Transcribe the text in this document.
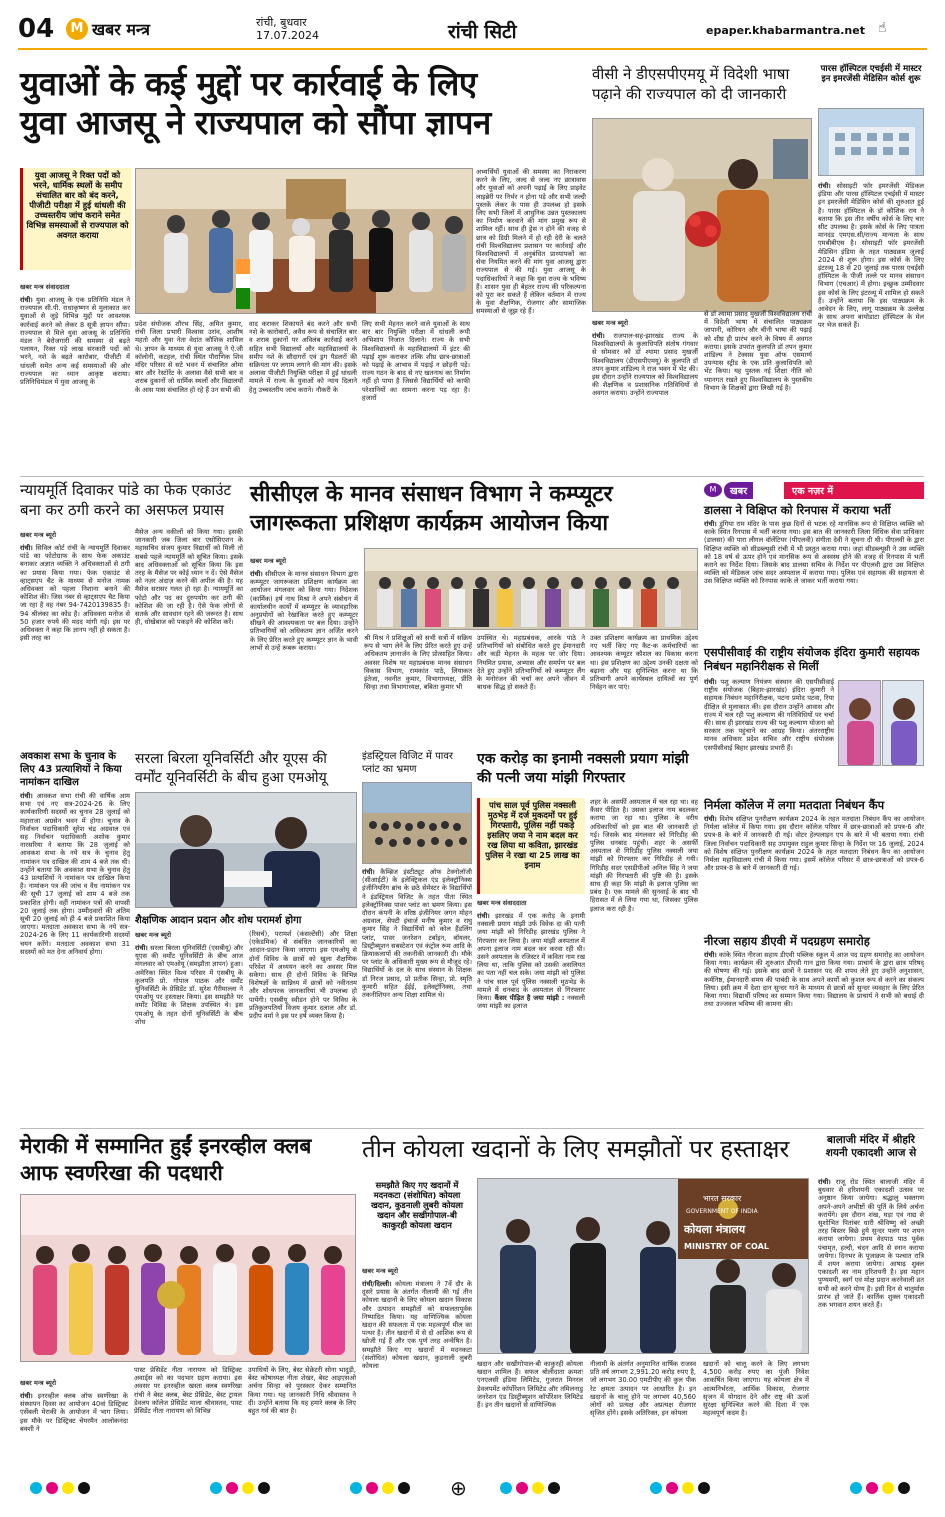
04	M खबर मन्त्र	रांची, बुधवार
17.07.2024	रांची सिटी	epaper.khabarmantra.net ☝
युवाओं के कई मुद्दों पर कार्रवाई के लिए
युवा आजसू ने राज्यपाल को सौंपा ज्ञापन
वीसी ने डीएसपीएमयू में विदेशी भाषा पढ़ाने की राज्यपाल को दी जानकारी
पारस हॉस्पिटल एचईसी में मास्टर इन इमरजेंसी मेडिसिन कोर्स शुरू
युवा आजसू ने रिक्त पदों को भरने, धार्मिक स्थलों के समीप संचालित बार को बंद करने, पीजीटी परीक्षा में हुई धांधली की उच्चस्तरीय जांच कराने समेत विभिन्न समस्याओं से राज्यपाल को अवगत कराया
खबर मन्त्र संवाददाता
रांची। युवा आजसू के एक प्रतिनिधि मंडल ने राज्यपाल सी.पी. राधाकृष्णन से मुलाकात कर युवाओं से जुड़े विभिन्न मुद्दों पर आवश्यक कार्रवाई करने को लेकर 8 सूत्री ज्ञापन सौंपा। राज्यपाल से मिले युवा आजसू के प्रतिनिधि मंडल ने बेरोजगारी की समस्या से बढ़ते पलायन, रिक्त पड़े लाख सरकारी पदों को भरने, नशे के बढ़ते कारोबार, पीजीटी में धांधली समेत अन्य कई समस्याओं की ओर राज्यपाल का ध्यान आकृष्ट कराया। प्रतिनिधिमंडल में युवा आजसू के
प्रदेश संयोजक शौरभ सिंह, अमित कुमार, रांची जिला प्रभारी विश्वास उरांव, आशीष महतो और युवा नेता वेदांत कौशिक शामिल थे। ज्ञापन के माध्यम से युवा आजसू ने ऐ.जी कॉलोनी, कटहल, रांची स्थित पौराणिक शिव मंदिर परिसर से सटे भवन में संचालित ओमा बार और रेस्टोरेंट के अलावा वैसे सभी बार व शराब दुकानों जो धार्मिक स्थलों और विद्यालयों के आस पास संचालित हो रहे हैं उन सभी की
वाद कराकर शिकायतें बंद करने और सभी नशे के कारोबारों, अवैध रूप से संचालित बार व शराब दुकानों पर अविलंब कार्रवाई करने सहित सभी विद्यालयों और महाविद्यालयों के समीप नशे के सौदागरों एवं ड्रग पैडलरों की सक्रियता पर लगाम लगाने की मांग की। इसके अलावा पीजीटी नियुक्ति परीक्षा में हुई धांधली मामले में राज्य के युवाओं को न्याय दिलाने हेतु उच्चस्तरीय जांच कराने। नौकरी के
लिए सभी मेहनत करने वाले युवाओं के साथ बार बार नियुक्ति परीक्षा में धांधली रूपी अभिशाप निजात दिलाने। राज्य के सभी विश्वविद्यालयों के महाविद्यालयों में इंटर की पढ़ाई शुरू कराकर तत्कि शीघ्र छात्र-छात्राओं को पढ़ाई के आभाव में पढ़ाई न छोड़नी पड़े। राज्य गठन के बाद से नए खतनाथ का निर्माण नहीं हो पाया है जिससे विद्यार्थियों को काफी परेशानियों का सामना करना पड़ रहा है। हजारों
अभ्यर्थियों युवाओं की समस्या का निराकरण करने के लिए, जल्द से जल्द नए छात्रावास और युवाओं को अपनी पढ़ाई के लिए प्राइवेट लाइब्रेरी पर निर्भर न होना पड़े और सभी जल्दी पुस्तकें लेकर के पास ही उपलब्ध हो इसके लिए सभी जिलों में आधुनिक उन्नत पुस्तकालय का निर्माण करवाने की मांग प्रमुख रूप से शामिल रहीं। साथ ही ड्रेस न होने की वजह से छात्र को डिग्री मिलने में हो रही देरी के चलते रांची विश्वविद्यालय प्रशासन पर कार्रवाई और विश्वविद्यालयों में अनुबंधित प्राध्यापकों का सेवा नियमित करने की मांग युवा आजसू द्वारा राज्यपाल से की गई। युवा आजसू के पदाधिकारियों ने कहा कि युवा राज्य के भविष्य हैं। शासन युवा ही बेहतर राज्य की परिकल्पना को पूरा कर सकते हैं लेकिन वर्तमान में राज्य के युवा शैक्षणिक, रोजगार और सामाजिक समस्याओं से जूझ रहे हैं।
खबर मन्त्र ब्यूरो
रांची। राजपाल-सह-झारखंड राज्य के विश्वविद्यालयों के कुलाधिपति संतोष गंगवार से सोमवार को डॉ श्यामा प्रसाद मुखर्जी विश्वविद्यालय (डीएसपीएमयू) के कुलपति डॉ तपन कुमार शांडिल्य ने राज भवन में भेंट की। इस दौरान उन्होंने राज्यपाल को विश्वविद्यालय की शैक्षणिक व प्रशासनिक गतिविधियों से अवगत कराया। उन्होंने राज्यपाल
से डॉ श्यामा प्रसाद मुखर्जी विश्वविद्यालय रांची में विदेशी भाषा में संचालित पाठ्यक्रम जापानी, कोरियन और चीनी भाषा की पढ़ाई को शीघ्र ही प्रारंभ करने के विषय में अवगत कराया। इसके उपरांत कुलपति डॉ तपन कुमार शांडिल्य ने टेक्सस युवा ऑफ एसमार्ग्य उपन्यास स्ट्रीड के एक प्रति कुलाधिपति को भेंट किया। यह पुस्तक नई शिक्षा नीति को ध्यानगत रखते हुए विश्वविद्यालय के पुस्तकीय विभाग के शिक्षकों द्वारा लिखी गई है।
रांची। सोसाइटी फॉर इमरजेंसी मेडिकल इंडिया और पारस हॉस्पिटल एचईसी में मास्टर इन इमरजेंसी मेडिसिन कोर्स की शुरुआत हुई है। पारस हॉस्पिटल के डॉ कौशिक राय ने बताया कि इस तीन वर्षीय कोर्स के लिए चार सीट उपलब्ध है। इसके कोर्स के लिए पात्रता मानदंड एमएस.सी/राज्य मान्यता के साथ एमबीबीएस है। सोसाइटी फॉर इमरजेंसी मेडिसिन इंडिया के तहत पाठ्यक्रम जुलाई 2024 से शुरू होगा। इस कोर्स के लिए इंटरव्यू 18 से 20 जुलाई तक पारस एचईसी हॉस्पिटल के पीजी तल्ले पर मानव संसाधन विभाग (एचआर) में होगा। इच्छुक उम्मीदवार इस कोर्स के लिए इंटरव्यू में शामिल हो सकते हैं। उन्होंने बताया कि इस पाठ्यक्रम के आवेदन के लिए, लागू पाठ्यक्रम के उल्लेख के साथ अपना बायोडाटा हॉस्पिटल के मेल पर भेज सकते हैं।
न्यायमूर्ति दिवाकर पांडे का फेक एकाउंट बना कर ठगी करने का असफल प्रयास
खबर मन्त्र ब्यूरो
रांची। सिविल कोर्ट रांची के न्यायमूर्ति दिवाकर पांडे का फोटोग्राफ के साथ फेक अकाउंट बनाकर अज्ञात व्यक्ति ने अधिवक्ताओं से ठगी का प्रयास किया गया। फेक एकाउंट से व्हाट्सएप चैट के माध्यम से मनोज नामक अधिवक्ता को पहला निशाना बनाने की कोशिश की। जिस नंबर से व्हाट्सएप चैट किया जा रहा है वह नंबर 94-7420139835 है। 94 श्रीलंका का कोड है। अधिवक्ता मनोज से 50 हजार रुपये की मदद मांगी गई। इस पर अधिवक्ता ने कहा कि ज्ञानप नहीं हो सकता है। इसी तरह का
मैसेज अन्य वकीलों को किया गया। इसकी जानकारी जब जिला बार एसोसिएशन के महासचिव संजय कुमार विद्यार्थी को मिली तो सबसे पहले न्यायमूर्ति को सूचित किया। इसके बाद अधिवक्ताओं को सूचित किया कि इस तरह के मैसेज पर कोई ध्यान न दें। ऐसे मैसेज को नज़र अंदाज़ करने की अपील की है। यह मैसेज सरासर गलत हो रहा है। न्यायमूर्ति का फोटो और पद का दुरुपयोग कर ठगी की कोशिश की जा रही है। ऐसे फेक लोगों से सतर्क और सावधान रहने की जरूरत है। साथ ही, धोखेबाज को पकड़ने की कोशिश करें।
सीसीएल के मानव संसाधन विभाग ने कम्प्यूटर जागरूकता प्रशिक्षण कार्यक्रम आयोजन किया
खबर मन्त्र ब्यूरो
रांची। सीसीएल के मानव संसाधन विभाग द्वारा कम्प्यूटर जागरूकता प्रशिक्षण कार्यक्रम का आयोजन मंगलवार को किया गया। निदेशक (कार्मिक) हर्ष नाथ मिश्रा ने अपने संबोधन में कार्यालयीन कार्यों में कम्प्यूटर के व्यावहारिक अनुप्रयोगों को रेखांकित करते हुए कम्प्यूटर सीखने की आवश्यकता पर बल दिया। उन्होंने प्रतिभागियों को अधिकतम ज्ञान अर्जित करने के लिए प्रेरित करते हुए कम्प्यूटर ज्ञान के भावी लाभों से उन्हें रूबरू कराया।
श्री मिश्र ने प्रशिक्षुओं को सभी सत्रों में सक्रिय रूप से भाग लेने के लिए प्रेरित करते हुए उन्हें अधिकतम ज्ञानार्जन के लिए प्रोत्साहित किया। अवसर विशेष पर महाप्रबंधक मानव संसाधन विकास विभाग, रामकांत पाठे, लियाकत इंतेजा, नवनीत कुमार, विभागाध्यक्ष, प्रीति सिन्हा तथा विभागाध्यक्ष, बबिता कुमार भी
उपस्थित थे। महाप्रबंधक, आरके पाठे ने प्रतिभागियों को संबोधित करते हुए ईमानदारी और कड़ी मेहनत के महत्व पर जोर दिया। नियमित प्रयास, अभ्यास और समर्पण पर बल देते हुए उन्होंने प्रतिभागियों को कम्प्यूटर लैंग के मनोरंजन की चर्चा कर अपने जीवन में बाधक सिद्ध हो सकते हैं।
उक्त प्रशिक्षण कार्यक्रम का प्राथमिक उद्देश्य नए भर्ती किए गए कैट-क कर्मचारियों का आवश्यक कंप्यूटर कौशल का विकास करना था। इस प्रशिक्षण का उद्देश्य उनकी दक्षता को बढ़ाना और यह सुनिश्चित करना था कि प्रतिभागी अपने कार्यस्थल दायित्वों का पूर्ण निर्वहन कर पाएं।
M	खबर	एक नज़र में
डालसा ने विक्षिप्त को रिनपास में कराया भर्ती
रांची। डुंगिया राम मंदिर के पास कुछ दिनों से भटक रहे मानसिक रूप से विक्षिप्त व्यक्ति को काके स्थित रिनपास में भर्ती कराया गया। इस बात की जानकारी जिला विधिक सेवा प्राधिकार (डालसा) की पारा लीगल वॉलेंटियर (पीएलवी) संगीता देवी ने सूचना दी थी। पीएलवी के द्वारा विक्षिप्त व्यक्ति को सीडब्ल्यूसी रांची में भी प्रस्तुत कराया गया। जहां सीडब्ल्यूसी ने उस व्यक्ति को 18 वर्ष से ऊपर होने एवं मानसिक रूप से अस्वस्थ होने की वजह से रिनपास में भर्ती कराने का निर्देश दिया। जिसके बाद डालसा सचिव के निर्देश पर पीएलवी द्वारा उस विक्षिप्त व्यक्ति को मेडिकल जांच सदर अस्पताल में कराया गया। पुलिस एवं सहायक की सहायता से उस विक्षिप्त व्यक्ति को रिनपास काके ले जाकर भर्ती कराया गया।
एसपीसीवाई की राष्ट्रीय संयोजक इंदिरा कुमारी सहायक निबंधन महानिरीक्षक से मिलीं
रांची। पशु कल्याण नियंत्रण संस्थान की एसपीसीवाई राष्ट्रीय संयोजक (बिहार-झारखंड) इंदिरा कुमारी ने सहायक निबंधन महानिरीक्षक, पटना प्रमोद पटवा, रिया दीक्षित से मुलाकात की। इस दौरान उन्होंने आवास और राज्य में चल रही पशु कल्याण की गतिविधियों पर चर्चा की। साथ ही झारखंड राज्य की पशु कल्याण योजना को सरकार तक पहुंचाने का आग्रह किया। अंतरराष्ट्रीय मानव अधिकार प्रदेश सचिव और राष्ट्रीय संयोजक एसपीसीवाई बिहार झारखंड प्रभारी हैं।
निर्मला कॉलेज में लगा मतदाता निबंधन कैंप
रांची। विशेष संक्षिप्त पुनरीक्षण कार्यक्रम 2024 के तहत मतदाता निबंधन कैंप का आयोजन निर्मला कॉलेज में किया गया। इस दौरान कॉलेज परिसर में छात्र-छात्राओं को प्रपत्र-6 और प्रपत्र-8 के बारे में जानकारी दी गई। वोटर हेल्पलाइन एप के बारे में भी बताया गया। रांची जिला निर्वाचन पदाधिकारी सह उपायुक्त राहुल कुमार सिन्हा के निर्देश पर 16 जुलाई, 2024 को विशेष संक्षिप्त पुनरीक्षण कार्यक्रम 2024 के तहत मतदाता निबंधन कैंप का आयोजन निर्मला महाविद्यालय रांची में किया गया। इसमें कॉलेज परिसर में छात्र-छात्राओं को प्रपत्र-6 और प्रपत्र-8 के बारे में जानकारी दी गई।
नीरजा सहाय डीएवी में पदग्रहण समारोह
रांची। कांके स्थित नीरजा सहाय डीएवी पब्लिक स्कूल में आज पद ग्रहण समारोह का आयोजन किया गया। कार्यक्रम की शुरुआत डीएवी गान द्वारा किया गया। प्राचार्य के द्वारा छात्र परिषद् की घोषणा की गई। इसके बाद छात्रों ने प्रशासन पद की शपथ लेते हुए उन्होंने अनुशासन, कर्मनिष्ठ, ईमानदारी समय की पाबंदी के साथ अपने कार्यों को कुशल रूप से करने का संकल्प लिया। इसी क्रम में देशा दान सुन्दर गाने के माध्यम से छात्रों को सुन्दर व्यवहार के लिए प्रेरित किया गया। विद्यार्थी परिषद का सम्मान किया गया। विद्यालय के प्राचार्य ने सभी को बधाई दी तथा उज्जवल भविष्य की कामना की।
अवकाश सभा के चुनाव के लिए 43 प्रत्याशियों ने किया नामांकन दाखिल
रांची। आवकश सभा रांची की वार्षिक आम सभा एवं नए सत्र-2024-26 के लिए कार्यकारिणी सदस्यों का चुनाव 28 जुलाई को महाराजा अग्रसेन भवन में होगा। चुनाव के निर्वाचन पदाधिकारी सुरेश चंद्र अग्रवाल एवं सह निर्वाचन पदाधिकारी अशोक कुमार नारसरिया ने बताया कि 28 जुलाई को आवकश सभा के नये सत्र के चुनाव हेतु नामांकन पत्र दाखिल की शाम 4 बजे तक थी। उन्होंने बताया कि अवकाश सभा के चुनाव हेतु 43 प्रत्याशियों ने नामांकन पत्र दाखिल किया है। नामांकन पत्र की जांच व वैध नामांकन पत्र की सूची 17 जुलाई को शाम 4 बजे तक प्रकाशित होगी। वहीं नामांकन पत्रों की वापसी 20 जुलाई तक होगा। उम्मीदवारों की अंतिम सूची 20 जुलाई को ही 4 बजे प्रकाशित किया जाएगा। मतदाता अवकाश सभा के नये सत्र- 2024-26 के लिए 11 कार्यकारिणी सदस्यों चयन करेंगे। मतदाता अवकाश सभा 31 सदस्यों को मत देना अनिवार्य होगा।
सरला बिरला यूनिवर्सिटी और यूएस की वर्मोंट यूनिवर्सिटी के बीच हुआ एमओयू
शैक्षणिक आदान प्रदान और शोध परामर्श होगा
खबर मन्त्र ब्यूरो
रांची। सरला बिरला यूनिवर्सिटी (एसबीयू) और यूएस की वर्मोंट यूनिवर्सिटी के बीच आज मंगलवार को एमओयू (समझौता ज्ञापन) हुआ। अमेरिका स्थित विश्व परिसर में एसबीयू के कुलपति प्रो. गोपाल पाठक और वर्मोंट यूनिवर्सिटी के प्रेसिडेंट डॉ. सुरेश गैरीमाल्ला ने एमओयू पर हस्ताक्षर किया। इस समझौते पर वर्मोंट विविद्य के शिक्षक उपस्थित थे। इस एमओयू के तहत दोनों यूनिवर्सिटी के बीच शोध
(रिसर्च), परामर्श (कंसल्टेंसी) और शिक्षा (एकेडमिक) से संबंधित जानकारियों का आदान-प्रदान किया जाएगा। इस एमओयू से दोनों विविध के छात्रों को खुला शैक्षणिक परिवेश में अध्ययन करने का अवसर मिल सकेगा। साथ ही दोनों विविध के विभिन्न विशेषज्ञों के सान्निध्य में छात्रों को नवीनतम और शोधपरक जानकारियां भी उपलब्ध हो पायेंगी। एसबीयू स्वीडन होने पर विविध के प्रतिकुलपतियों विजय कुमार दलाल और डॉ. प्रदीप वर्मा ने इस पर हर्ष व्यक्त किया है।
इंडस्ट्रियल विजिट में पावर प्लांट का भ्रमण
रांची। कैम्ब्रिज इंस्टीट्यूट ऑफ टेक्नोलॉजी (सीआईटी) के इलेक्ट्रिकल एंड इलेक्ट्रॉनिक्स इंजीनियरिंग ब्रांच के छठे सेमेस्टर के विद्यार्थियों ने इंडस्ट्रियल विजिट के तहत पीता स्थित इलेक्ट्रॉनिक्स पावर प्लांट का भ्रमण किया। इस दौरान कंपनी के वरिष्ठ इंजीनियर जगन मोहन अग्रवाल, सेफ्टी इंचार्ज मनीष कुमार व राघु कुमार सिंह ने विद्यार्थियों को कोल हैंडलिंग प्लांट, पावर जनरेशन टर्बाइन, बॉयलर, डिस्ट्रीब्यूशन सबस्टेशन एवं कंट्रोल रूम आदि के क्रियाकलापों की तकनीकी जानकारी दी। मौके पर प्लांट के अधिकारी मुख्य रूप से मौजूद रहे। विद्यार्थियों के दल के साथ संस्थान के शिक्षक डॉ निरज प्रसाद, प्रो प्रतीक सिन्हा, प्रो. स्मृति कुमारी सहित ईईई, इलेक्ट्रॉनिक्स, तथा तकनीशियन अन्य शिक्षा शामिल थे।
एक करोड़ का इनामी नक्सली प्रयाग मांझी की पत्नी जया मांझी गिरफ्तार
पांच साल पूर्व पुलिस नक्सली मुठभेड़ में दर्ज मुकदमों पर हुई गिरफ्तारी, पुलिस नहीं पकड़े इसलिए जया ने नाम बदल कर रख लिया था कविता, झारखंड पुलिस ने रखा था 25 लाख का इनाम
खबर मन्त्र संवाददाता
रांची। झारखंड में एक करोड़ के इनामी नक्सली प्रयाग मांझी उर्फ विवेक दा की पत्नी जया मांझी को गिरिडीह झारखंड पुलिस ने गिरफ्तार कर लिया है। जया मांझी अस्पताल में अपना इलाज नाम बदल कर करवा रही थी। उसने अस्पताल के रजिस्टर में कविता नाम रख लिया था, ताकि पुलिस को उसकी असलियत का पता नहीं चल सके। जया मांझी को पुलिस ने पांच साल पूर्व पुलिस नक्सली मुठभेड़ के मामले में धनबाद के अस्पताल से गिरफ्तार किया। कैंसर पीड़ित है जया मांझी : नक्सली जया मांझी का इलाज
शहर के असर्फी अस्पताल में चल रहा था। वह कैंसर पीड़ित है। उसका इलाज नाम बदलकर कराया जा रहा था। पुलिस के वरीय अधिकारियों को इस बात की जानकारी हो गई। जिसके बाद मंगलवार को गिरिडीह की पुलिस धनबाद पहुंची। शहर के असर्फी अस्पताल से गिरिडीह पुलिस नक्सली जया मांझी को गिरफ्तार कर गिरिडीह ले गयी। गिरिडीह सदर एसडीपीओ अनिल सिंह ने जया मांझी की गिरफ्तारी की पुष्टि की है। इसके साथ ही कहा कि मांझी के इलाज पुलिस का प्रबंध है। एक मामले की सुनवाई के बाद भी हिरासत में ले लिया गया था, जिसका पुलिस इलाज करा रही है।
मेराकी में सम्मानित हुईं इनरव्हील क्लब आफ स्वर्णरेखा की पदधारी
खबर मन्त्र ब्यूरो
रांची। इनरव्हील क्लब ऑफ स्वर्णरेखा के संस्थापन दिवस का आयोजन 40वां डिस्ट्रिक्ट एसेंबली मेराकी के आयोजन में भाग लिया। इस मौके पर डिस्ट्रिक्ट चेयरमैन आलोकनंदा बक्शी ने
पास्ट प्रेसिडेंट नीता नारायण को डिस्ट्रिक्ट अवार्ड्स को का पदभार ग्रहण कराया। इस अवसर पर इनरव्हील खस्ता क्लब स्वर्णरेखा रांची ने बेस्ट क्लब, बेस्ट प्रेसिडेंट, बेस्ट ट्रायल डेवलप कॉलेज प्रेसिडेंट माला श्रीवास्तव, पास्ट प्रेसिडेंट नीता नारायण को विभिन्न
उपाधियों के लिए, बेस्ट सेक्रेटरी सोना भादुड़ी, बेस्ट कोषाध्यक्ष नीता शेखर, बेस्ट आइएसओ अर्चना सिन्हा को पुरस्कार देकर सम्मानित किया गया। यह जानकारी निधि श्रीवास्तव ने दी। उन्होंने बताया कि यह हमारे क्लब के लिए बहुत गर्व की बात है।
तीन कोयला खदानों के लिए समझौतों पर हस्ताक्षर
समझौते किए गए खदानों में मदनकटा (संशोधित) कोयला खदान, कुडनाली लुबरी कोयला खदान और सखीगोपाल-बी काकुरही कोयला खदान
खबर मन्त्र ब्यूरो
रांची/दिल्ली। कोयला मंत्रालय ने 7वें दौर के दूसरे प्रयास के अंतर्गत नीलामी की गई तीन कोयला खदानों के लिए कोयला खदान विकास और उत्पादन समझौतों को सफलतापूर्वक निष्पादित किया। यह वाणिज्यिक कोयला खदान की सफलता में एक महत्वपूर्ण मील का पत्थर है। तीन खदानों में से दो आंशिक रूप से खोजी गई हैं और एक पूर्ण तरह अन्वेषित है। समझौते किए गए खदानों में मदनकटा (संशोधित) कोयला खदान, कुडनाली लुबरी कोयला
भारत सरकार
GOVERNMENT OF INDIA
कोयला मंत्रालय
MINISTRY OF COAL
खदान और सखीगोपाल-बी काकुरही कोयला खदान शामिल हैं। सफल बोलीदाता क्रमशः एनएलसी इंडिया लिमिटेड, गुजरात मिनरल डेवलपमेंट कॉर्पोरेशन लिमिटेड और तमिलनाडु जनरेशन एंड डिस्ट्रीब्यूशन कॉर्पोरेशन लिमिटेड हैं। इन तीन खदानों से वाणिज्यिक
नीलामी के अंतर्गत अनुमानित वार्षिक राजस्व प्रति वर्ष लगभग 2,991.20 करोड़ रुपए है, जो लगभग 30.00 एमटीपीए की कुल पीक रेट क्षमता उत्पादन पर आधारित है। इन खदानों के चालू होने पर लगभग 40,560 लोगों को प्रत्यक्ष और अप्रत्यक्ष रोजगार सृजित होंगे। इसके अतिरिक्त, इन कोयला
खदानों को चालू करने के लिए लगभग 4,500 करोड़ रुपए का पूंजी निवेश आकर्षित किया जाएगा। यह कोयला क्षेत्र में आत्मनिर्भरता, आर्थिक विकास, रोजगार सृजन में योगदान देने और राष्ट्र की ऊर्जा सुरक्षा सुनिश्चित करने की दिशा में एक महत्वपूर्ण कदम है।
बालाजी मंदिर में श्रीहरि शयनी एकादशी आज से
रांची। राजू रोड स्थित बालाजी मंदिर में बुधवार से हरिशयनी एकादशी उत्सव पर अनुष्ठान किया जायेगा। श्रद्धालु भक्तगण अपने-अपने अभीष्टों की पूर्ति के लिये अर्चना करायेंगे। इस दौरान शंख, घड़ा एवं नाद्य से सुशोभित पितांबर धारी श्रीविष्णु को अच्छी तरह बिस्तर बिछे हुये सुन्दर पलंग पर शयन कराया जायेगा। प्रथम वेदपाठ पाठ पूर्वक पंचामृत, हल्दी, चंदन आदि से स्नान कराया जायेगा। दिनभर के पूजाक्रम के पश्चात रात्रि में शयन कराया जायेगा। आषाढ़ शुक्ल एकादशी का नाम हरिशयनी है। इस महान पुण्यमयी, स्वर्ग एवं मोक्ष प्रदान करनेवाली व्रत सभी को करने योग्य है। इसी दिन से चातुर्मास प्रारंभ हो जाते हैं। कार्तिक शुक्ल एकादशी तक भगवान शयन करते हैं।
⊕
